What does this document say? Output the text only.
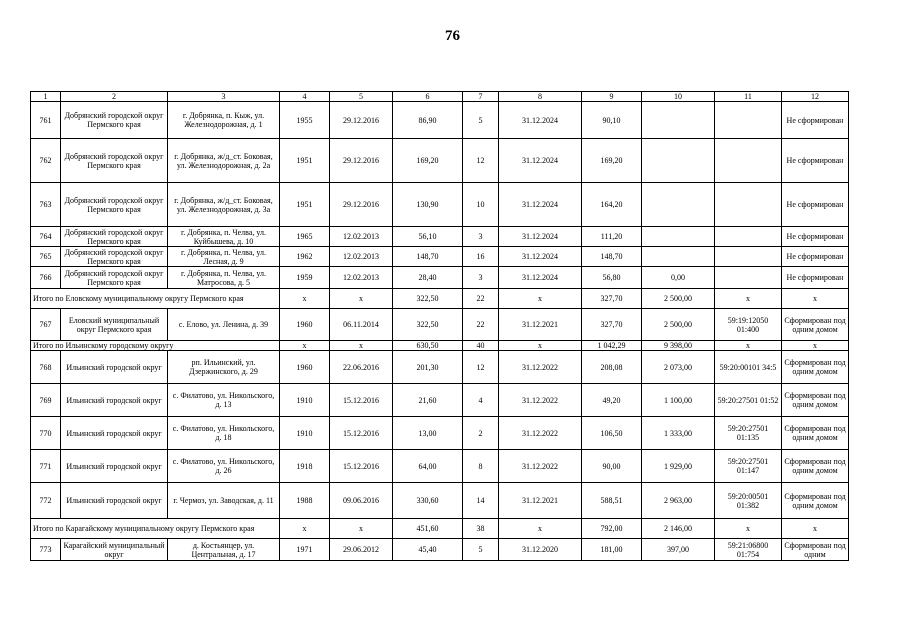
76
1	2	3	4	5	6	7	8	9	10	11	12
761	Добрянский городской округ Пермского края	г. Добрянка, п. Кыж, ул. Железнодорожная, д. 1	1955	29.12.2016	86,90	5	31.12.2024	90,10			Не сформирован
762	Добрянский городской округ Пермского края	г. Добрянка, ж/д_ст. Боковая, ул. Железнодорожная, д. 2а	1951	29.12.2016	169,20	12	31.12.2024	169,20			Не сформирован
763	Добрянский городской округ Пермского края	г. Добрянка, ж/д_ст. Боковая, ул. Железнодорожная, д. 3а	1951	29.12.2016	130,90	10	31.12.2024	164,20			Не сформирован
764	Добрянский городской округ Пермского края	г. Добрянка, п. Челва, ул. Куйбышева, д. 10	1965	12.02.2013	56,10	3	31.12.2024	111,20			Не сформирован
765	Добрянский городской округ Пермского края	г. Добрянка, п. Челва, ул. Лесная, д. 9	1962	12.02.2013	148,70	16	31.12.2024	148,70			Не сформирован
766	Добрянский городской округ Пермского края	г. Добрянка, п. Челва, ул. Матросова, д. 5	1959	12.02.2013	28,40	3	31.12.2024	56,80	0,00		Не сформирован
Итого по Еловскому муниципальному округу Пермского края			х	х	322,50	22	х	327,70	2 500,00	х	х
767	Еловский муниципальный округ Пермского края	с. Елово, ул. Ленина, д. 39	1960	06.11.2014	322,50	22	31.12.2021	327,70	2 500,00	59:19:12050 01:400	Сформирован под одним домом
Итого по Ильинскому городскому округу			х	х	630,50	40	х	1 042,29	9 398,00	х	х
768	Ильинский городской округ	рп. Ильинский, ул. Дзержинского, д. 29	1960	22.06.2016	201,30	12	31.12.2022	208,08	2 073,00	59:20:00101 34:5	Сформирован под одним домом
769	Ильинский городской округ	с. Филатово, ул. Никольского, д. 13	1910	15.12.2016	21,60	4	31.12.2022	49,20	1 100,00	59:20:27501 01:52	Сформирован под одним домом
770	Ильинский городской округ	с. Филатово, ул. Никольского, д. 18	1910	15.12.2016	13,00	2	31.12.2022	106,50	1 333,00	59:20:27501 01:135	Сформирован под одним домом
771	Ильинский городской округ	с. Филатово, ул. Никольского, д. 26	1918	15.12.2016	64,00	8	31.12.2022	90,00	1 929,00	59:20:27501 01:147	Сформирован под одним домом
772	Ильинский городской округ	г. Чермоз, ул. Заводская, д. 11	1988	09.06.2016	330,60	14	31.12.2021	588,51	2 963,00	59:20:00501 01:382	Сформирован под одним домом
Итого по Карагайскому муниципальному округу Пермского края			х	х	451,60	38	х	792,00	2 146,00	х	х
773	Карагайский муниципальный округ	д. Костьянцер, ул. Центральная, д. 17	1971	29.06.2012	45,40	5	31.12.2020	181,00	397,00	59:21:06800 01:754	Сформирован под одним
